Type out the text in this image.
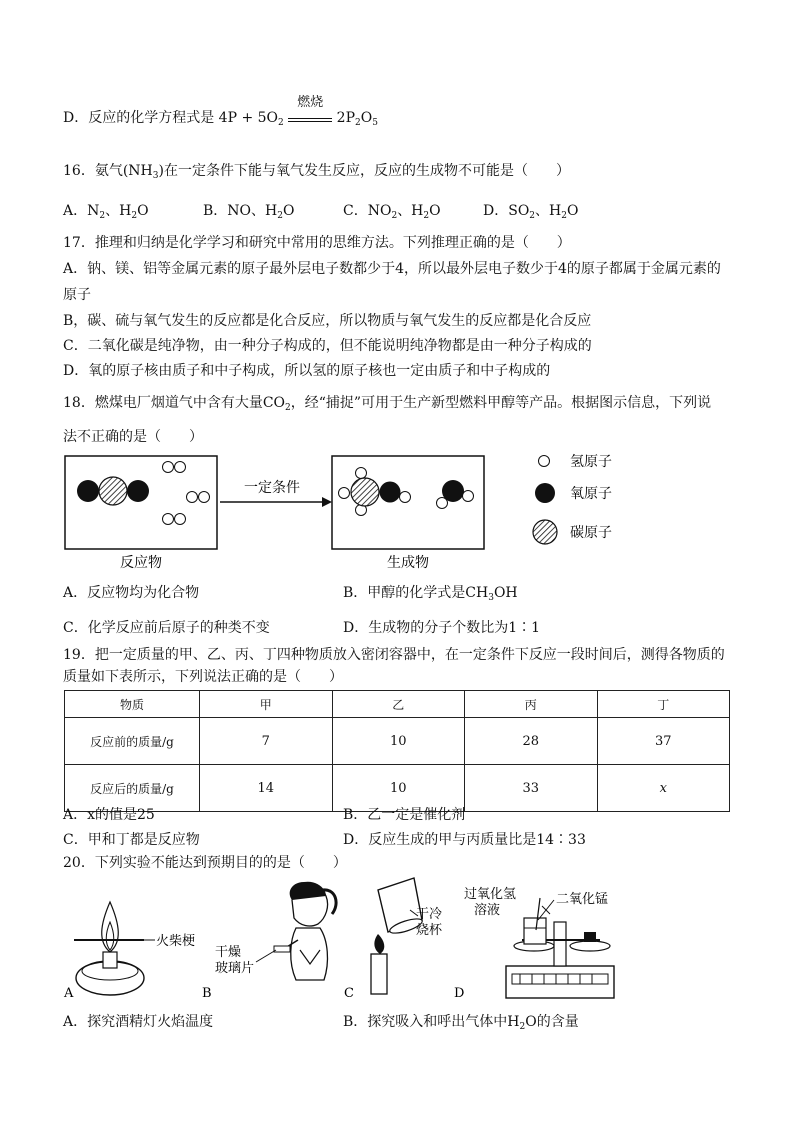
D．反应的化学方程式是 $4P + 5O_2$
燃烧
$2P_2O_5$
16．氨气$(NH_3)$在一定条件下能与氧气发生反应，反应的生成物不可能是（　　）
A．$N_2$、$H_2O$	B．NO、$H_2O$	C．$NO_2$、$H_2O$	D．$SO_2$、$H_2O$
17．推理和归纳是化学学习和研究中常用的思维方法。下列推理正确的是（　　）
A．钠、镁、铝等金属元素的原子最外层电子数都少于4，所以最外层电子数少于4的原子都属于金属元素的
原子
B，碳、硫与氧气发生的反应都是化合反应，所以物质与氧气发生的反应都是化合反应
C．二氧化碳是纯净物，由一种分子构成的，但不能说明纯净物都是由一种分子构成的
D．氧的原子核由质子和中子构成，所以氢的原子核也一定由质子和中子构成的
18．燃煤电厂烟道气中含有大量$CO_2$，经“捕捉”可用于生产新型燃料甲醇等产品。根据图示信息，下列说
法不正确的是（　　）
反应物
一定条件
生成物
氢原子
氧原子
碳原子
A．反应物均为化合物	B．甲醇的化学式是$CH_3OH$
C．化学反应前后原子的种类不变	D．生成物的分子个数比为1∶1
19．把一定质量的甲、乙、丙、丁四种物质放入密闭容器中，在一定条件下反应一段时间后，测得各物质的
质量如下表所示，下列说法正确的是（　　）
物质	甲	乙	丙	丁
反应前的质量/g	7	10	28	37
反应后的质量/g	14	10	33	x
A．x的值是25	B．乙一定是催化剂
C．甲和丁都是反应物	D．反应生成的甲与丙质量比是14∶33
20．下列实验不能达到预期目的的是（　　）
火柴梗
A
干燥
玻璃片
B
干冷
烧杯
C
过氧化氢
溶液
二氧化锰
D
A．探究酒精灯火焰温度	B．探究吸入和呼出气体中$H_2O$的含量
